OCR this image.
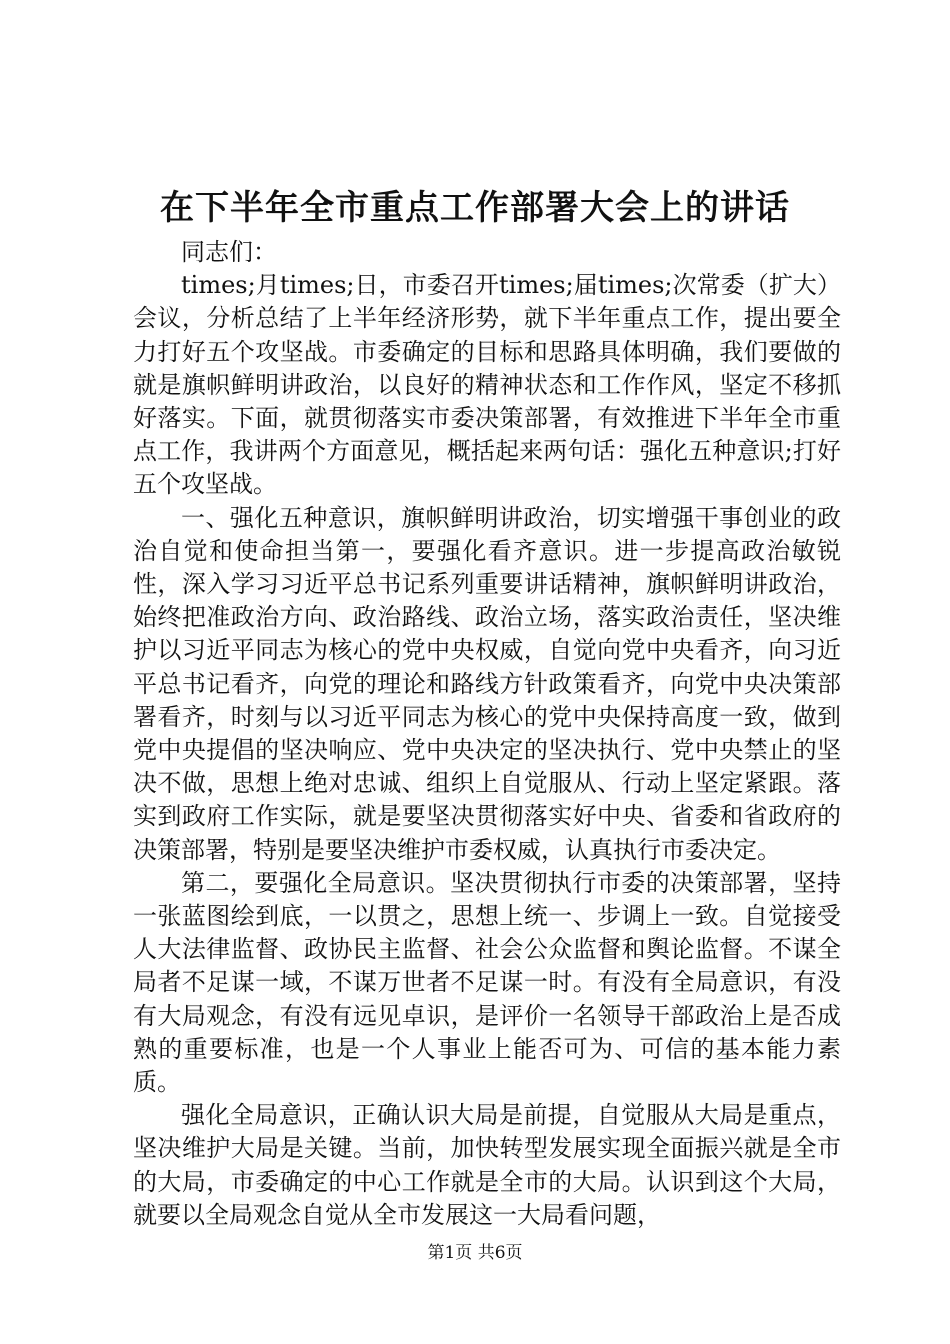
在下半年全市重点工作部署大会上的讲话

同志们：

times;月times;日，市委召开times;届times;次常委（扩大）会议，分析总结了上半年经济形势，就下半年重点工作，提出要全力打好五个攻坚战。市委确定的目标和思路具体明确，我们要做的就是旗帜鲜明讲政治，以良好的精神状态和工作作风，坚定不移抓好落实。下面，就贯彻落实市委决策部署，有效推进下半年全市重点工作，我讲两个方面意见，概括起来两句话：强化五种意识;打好五个攻坚战。

一、强化五种意识，旗帜鲜明讲政治，切实增强干事创业的政治自觉和使命担当第一，要强化看齐意识。进一步提高政治敏锐性，深入学习习近平总书记系列重要讲话精神，旗帜鲜明讲政治，始终把准政治方向、政治路线、政治立场，落实政治责任，坚决维护以习近平同志为核心的党中央权威，自觉向党中央看齐，向习近平总书记看齐，向党的理论和路线方针政策看齐，向党中央决策部署看齐，时刻与以习近平同志为核心的党中央保持高度一致，做到党中央提倡的坚决响应、党中央决定的坚决执行、党中央禁止的坚决不做，思想上绝对忠诚、组织上自觉服从、行动上坚定紧跟。落实到政府工作实际，就是要坚决贯彻落实好中央、省委和省政府的决策部署，特别是要坚决维护市委权威，认真执行市委决定。

第二，要强化全局意识。坚决贯彻执行市委的决策部署，坚持一张蓝图绘到底，一以贯之，思想上统一、步调上一致。自觉接受人大法律监督、政协民主监督、社会公众监督和舆论监督。不谋全局者不足谋一域，不谋万世者不足谋一时。有没有全局意识，有没有大局观念，有没有远见卓识，是评价一名领导干部政治上是否成熟的重要标准，也是一个人事业上能否可为、可信的基本能力素质。

强化全局意识，正确认识大局是前提，自觉服从大局是重点，坚决维护大局是关键。当前，加快转型发展实现全面振兴就是全市的大局，市委确定的中心工作就是全市的大局。认识到这个大局，就要以全局观念自觉从全市发展这一大局看问题，

第1页 共6页
